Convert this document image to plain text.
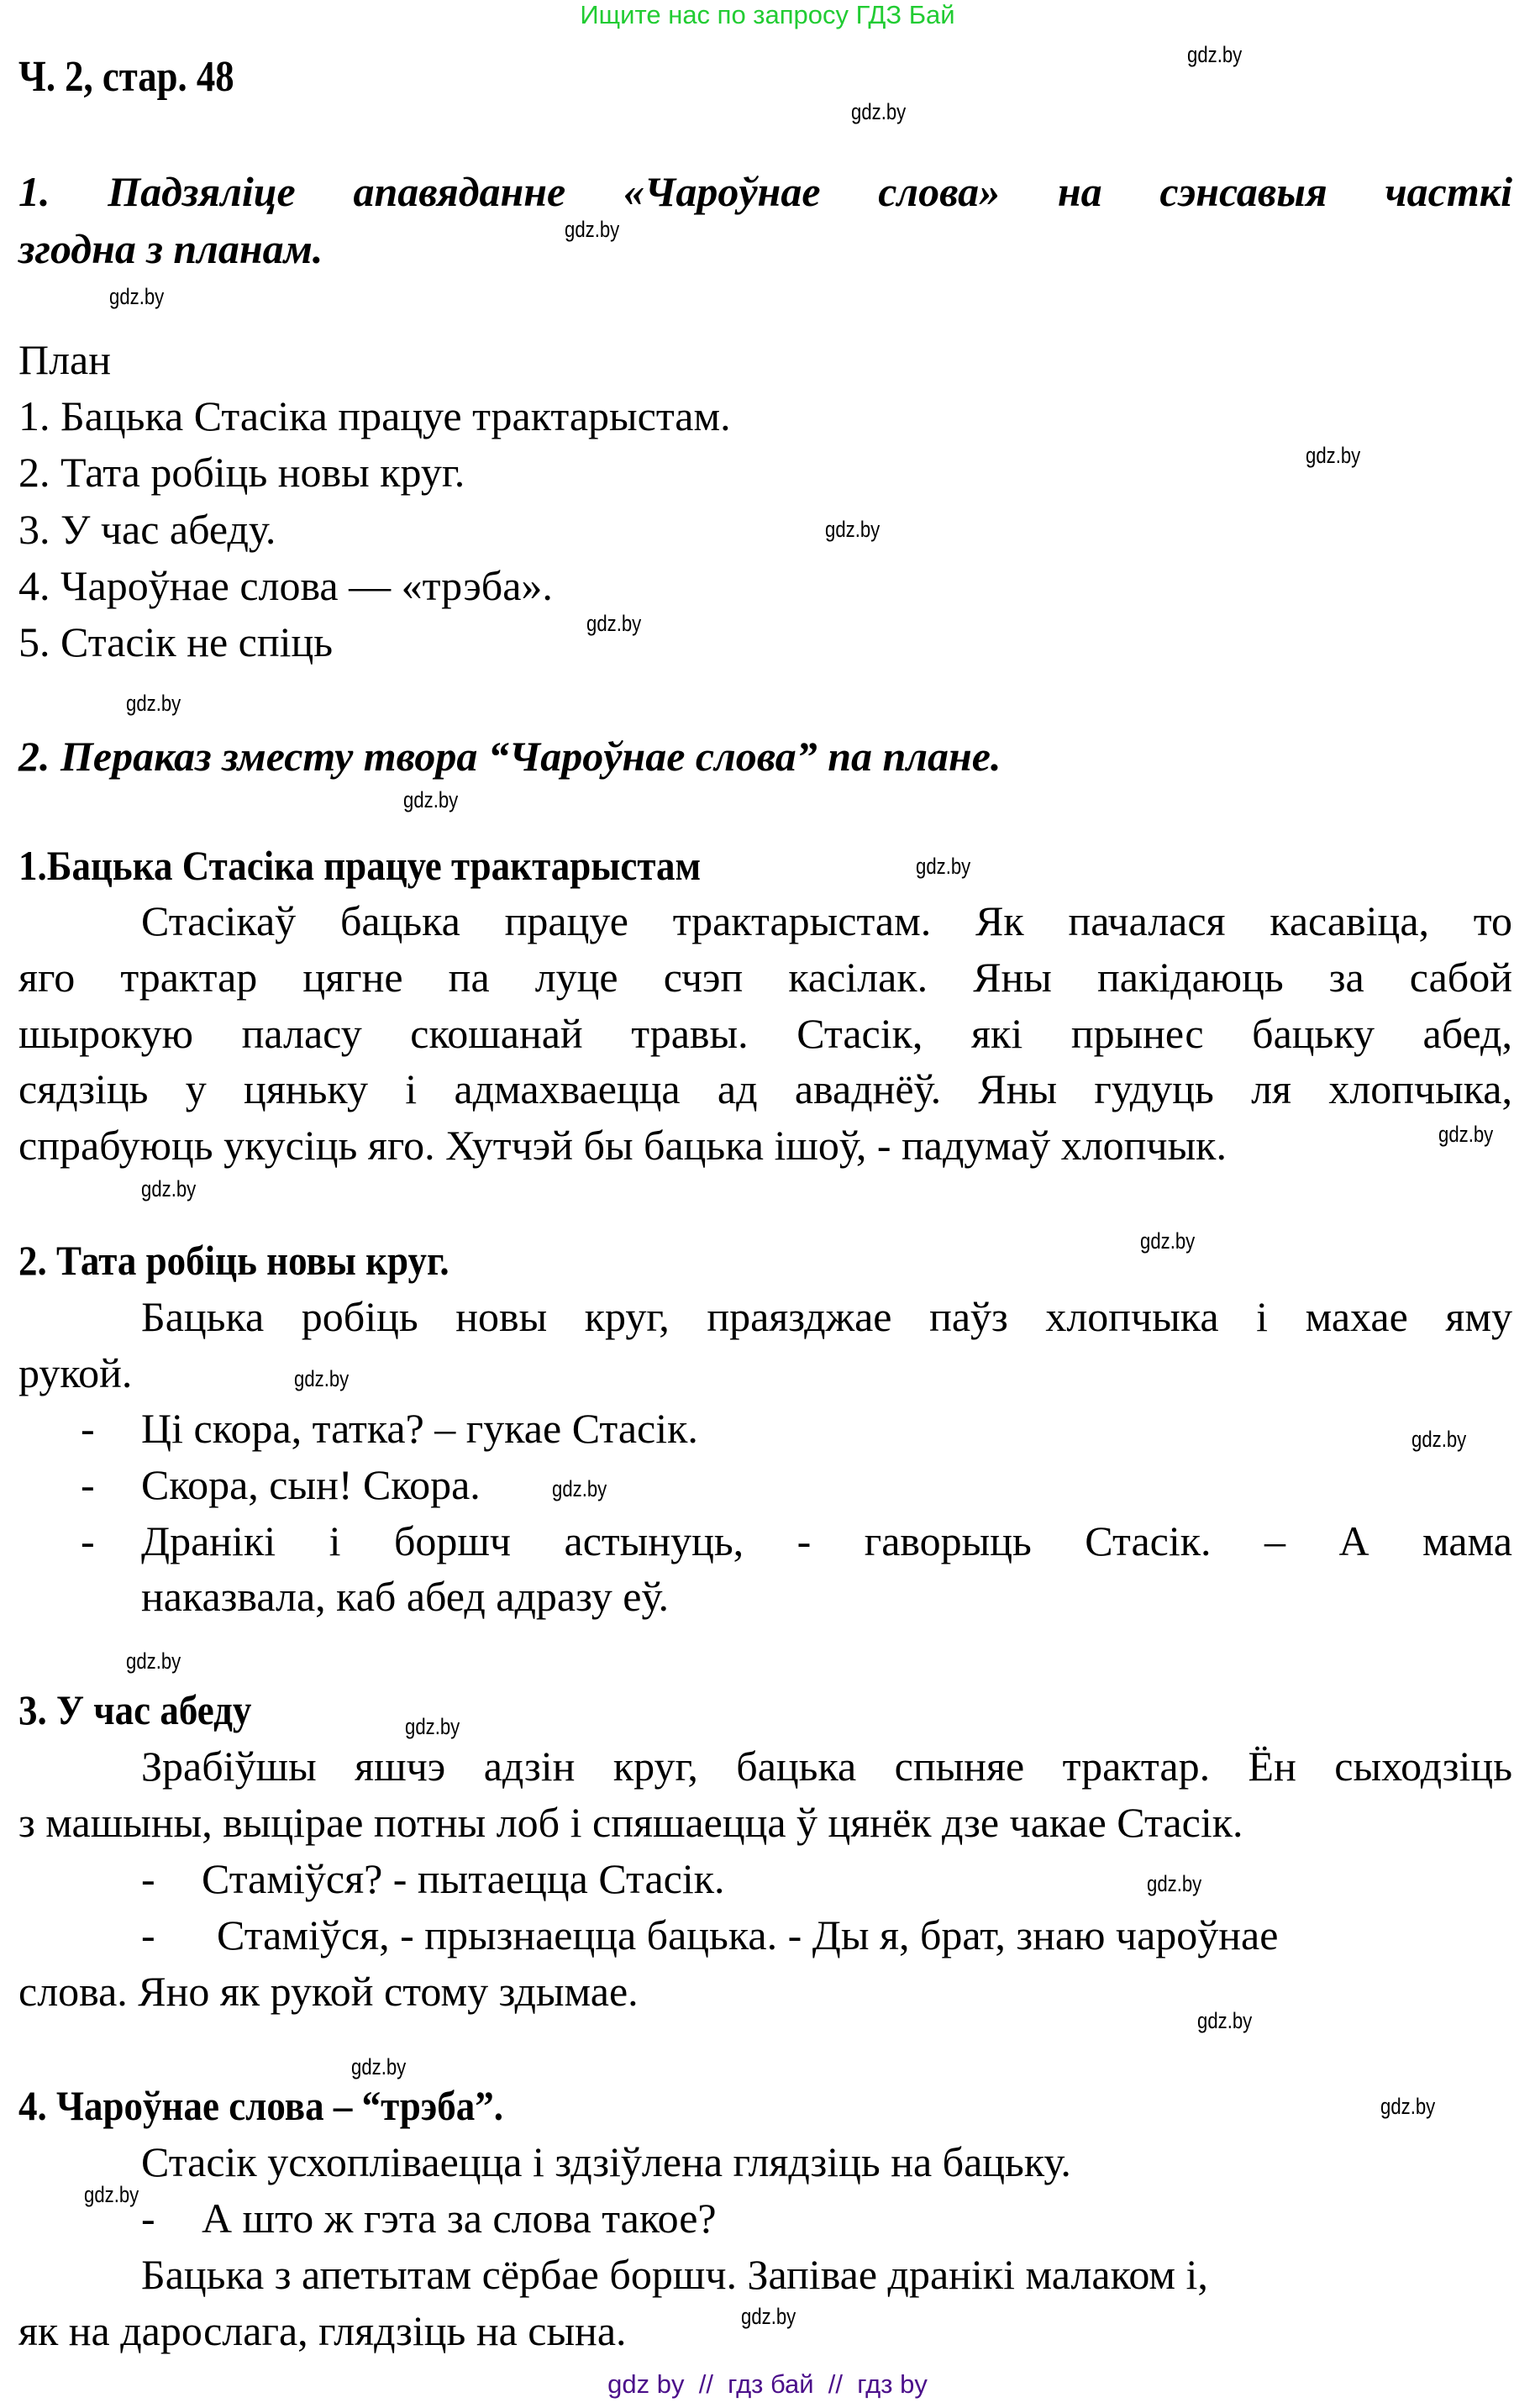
Ищите нас по запросу ГДЗ Бай
Ч. 2, стар. 48	gdz.by
gdz.by
gdz.by
gdz.by
gdz.by
gdz.by
gdz.by
gdz.by
gdz.by
gdz.by
gdz.by
gdz.by
gdz.by
gdz.by
gdz.by
gdz.by
gdz.by
gdz.by
gdz.by
gdz.by
gdz.by
gdz.by
gdz.by
gdz.by
1. Падзяліце апавяданне «Чароўнае слова» на сэнсавыя часткі
згодна з планам.
План
1. Бацька Стасіка працуе трактарыстам.
2. Тата робіць новы круг.
3. У час абеду.
4. Чароўнае слова — «трэба».
5. Стасік не спіць
2. Пераказ зместу твора “Чароўнае слова” па плане.
1.Бацька Стасіка працуе трактарыстам
Стасікаў бацька працуе трактарыстам. Як пачалася касавіца, то
яго трактар цягне па луце счэп касілак. Яны пакідаюць за сабой
шырокую паласу скошанай травы. Стасік, які прынес бацьку абед,
сядзіць у цяньку і адмахваецца ад аваднёў. Яны гудуць ля хлопчыка,
спрабуюць укусіць яго. Хутчэй бы бацька ішоў, - падумаў хлопчык.
2. Тата робіць новы круг.
Бацька робіць новы круг, праязджае паўз хлопчыка і махае яму
рукой.
- Ці скора, татка? – гукае Стасік.
- Скора, сын! Скора.
- Дранікі і боршч астынуць, - гаворыць Стасік. – А мама
наказвала, каб абед адразу еў.
3. У час абеду
Зрабіўшы яшчэ адзін круг, бацька спыняе трактар. Ён сыходзіць
з машыны, выцірае потны лоб і спяшаецца ў цянёк дзе чакае Стасік.
- Стаміўся? - пытаецца Стасік.
- Стаміўся, - прызнаецца бацька. - Ды я, брат, знаю чароўнае
слова. Яно як рукой стому здымае.
4. Чароўнае слова – “трэба”.
Стасік усхопліваецца і здзіўлена глядзіць на бацьку.
- А што ж гэта за слова такое?
Бацька з апетытам сёрбае боршч. Запівае дранікі малаком і,
як на дарослага, глядзіць на сына.
gdz by  //  гдз бай  //  гдз by
